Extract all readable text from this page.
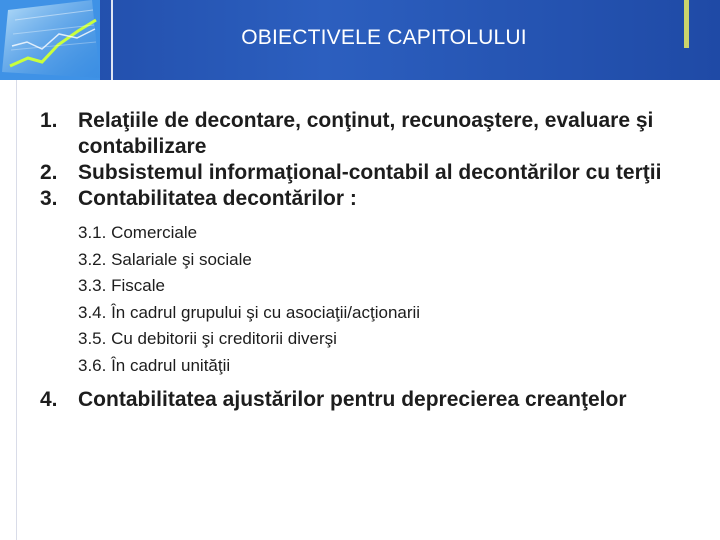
OBIECTIVELE CAPITOLULUI
1. Relaţiile de decontare, conţinut, recunoaştere, evaluare şi contabilizare
2. Subsistemul informaţional-contabil al decontărilor cu terţii
3. Contabilitatea decontărilor :
3.1. Comerciale
3.2. Salariale şi sociale
3.3. Fiscale
3.4. În cadrul grupului şi cu asociaţii/acţionarii
3.5. Cu debitorii şi creditorii diverşi
3.6. În cadrul unităţii
4. Contabilitatea ajustărilor pentru deprecierea creanţelor
